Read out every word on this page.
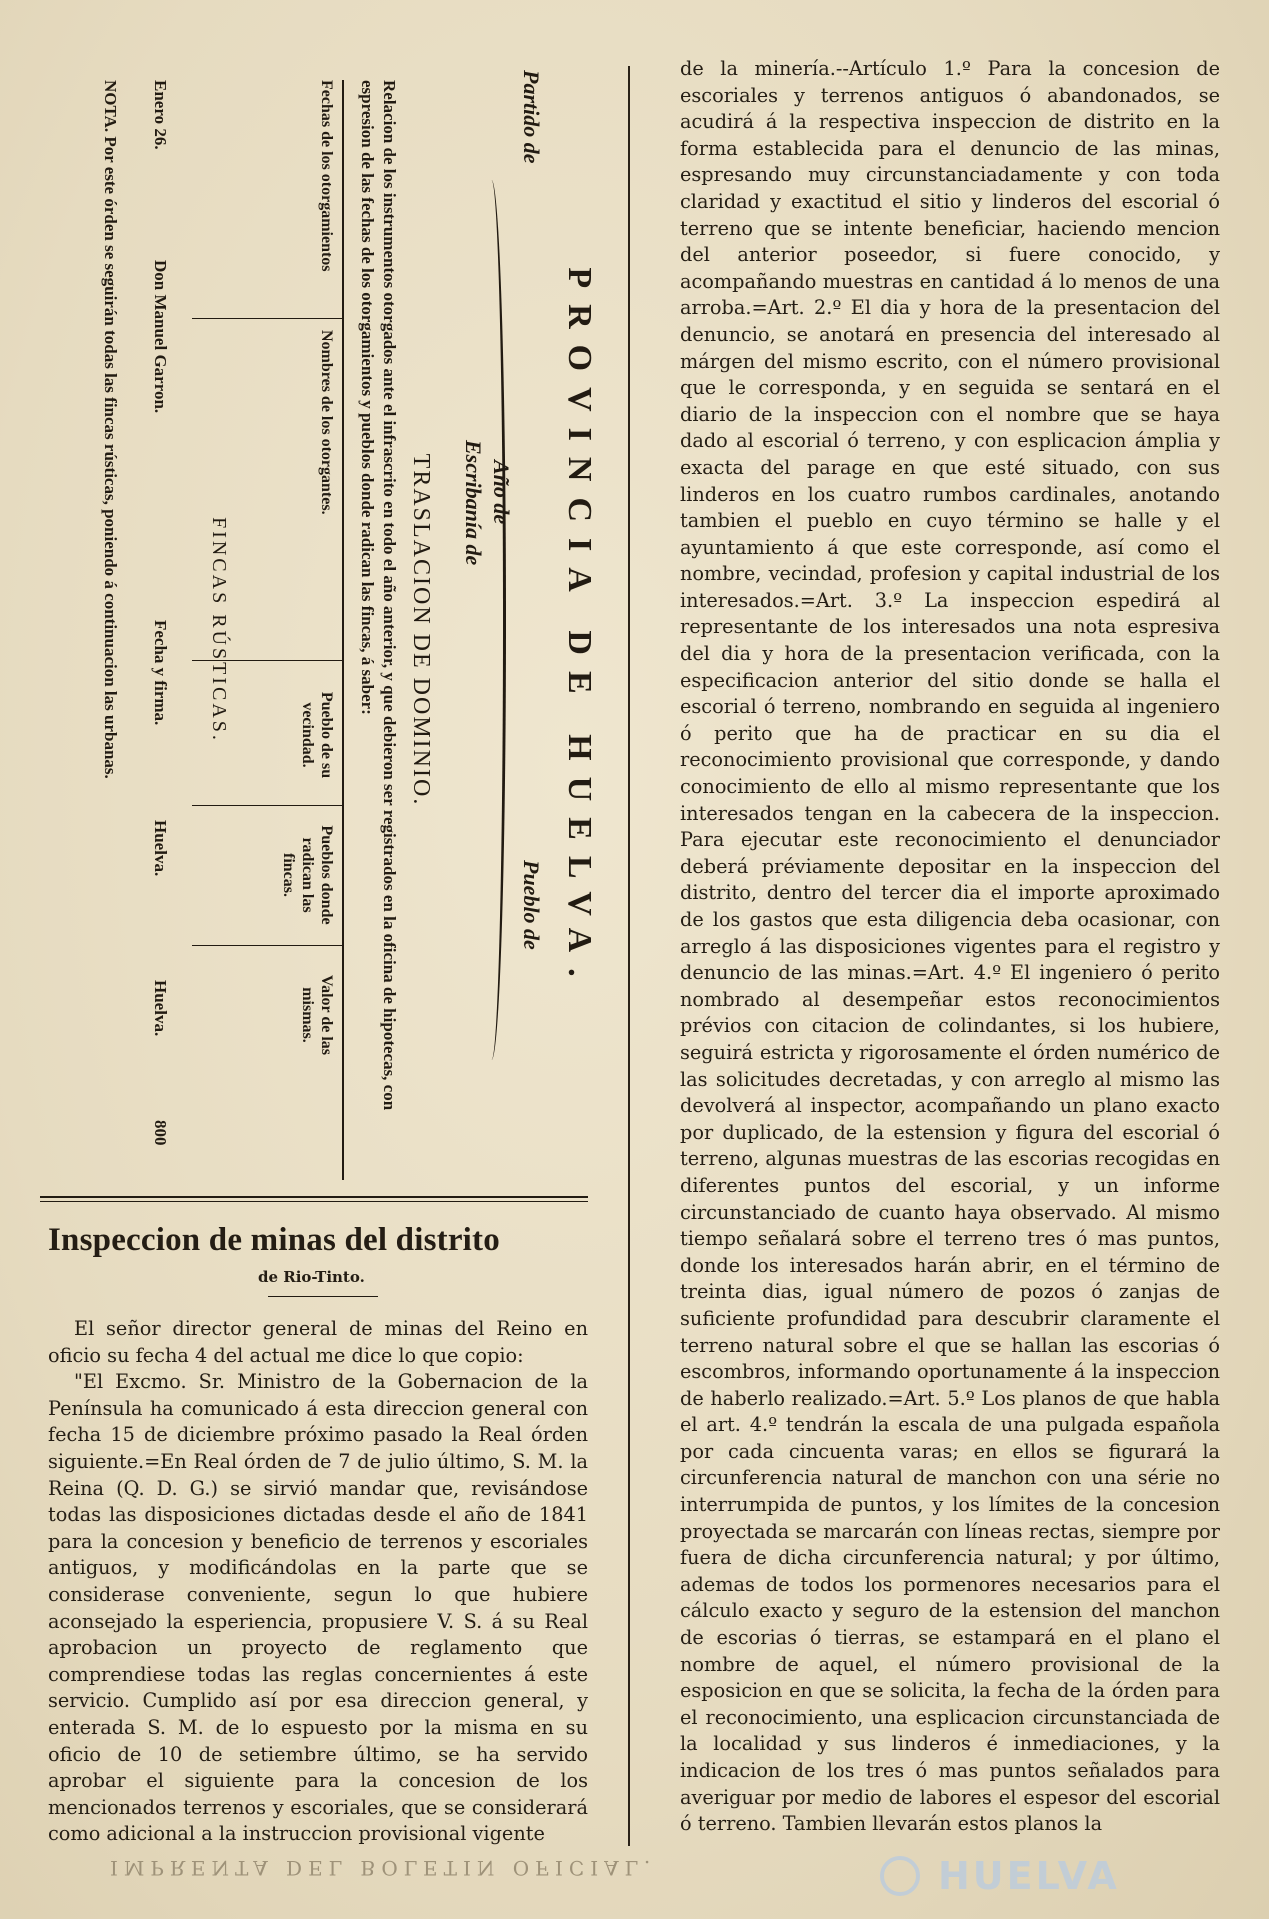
PROVINCIA DE HUELVA.
Partido de
Pueblo de
Año de
Escribanía de
TRASLACION DE DOMINIO.
Relacion de los instrumentos otorgados ante el infrascrito en todo el año anterior, y que debieron ser registrados en la oficina de hipotecas, con espresion de las fechas de los otorgamientos y pueblos donde radican las fincas, á saber:
Fechas de los otorgamientos
Nombres de los otorgantes.
Pueblo de su vecindad.
Pueblos donde radican las fincas.
Valor de las mismas.
FINCAS RÚSTICAS.
Enero 26.
Don Manuel Garron.
Fecha y firma.
Huelva.
Huelva.
800
NOTA. Por este órden se seguirán todas las fincas rústicas, poniendo á continuacion las urbanas.
Inspeccion de minas del distrito
de Rio-Tinto.

El señor director general de minas del Reino en oficio su fecha 4 del actual me dice lo que copio:

"El Excmo. Sr. Ministro de la Gobernacion de la Península ha comunicado á esta direccion general con fecha 15 de diciembre próximo pasado la Real órden siguiente.=En Real órden de 7 de julio último, S. M. la Reina (Q. D. G.) se sirvió mandar que, revisándose todas las disposiciones dictadas desde el año de 1841 para la concesion y beneficio de terrenos y escoriales antiguos, y modificándolas en la parte que se considerase conveniente, segun lo que hubiere aconsejado la esperiencia, propusiere V. S. á su Real aprobacion un proyecto de reglamento que comprendiese todas las reglas concernientes á este servicio. Cumplido así por esa direccion general, y enterada S. M. de lo espuesto por la misma en su oficio de 10 de setiembre último, se ha servido aprobar el siguiente para la concesion de los mencionados terrenos y escoriales, que se considerará como adicional a la instruccion provisional vigente

de la minería.--Artículo 1.º Para la concesion de escoriales y terrenos antiguos ó abandonados, se acudirá á la respectiva inspeccion de distrito en la forma establecida para el denuncio de las minas, espresando muy circunstanciadamente y con toda claridad y exactitud el sitio y linderos del escorial ó terreno que se intente beneficiar, haciendo mencion del anterior poseedor, si fuere conocido, y acompañando muestras en cantidad á lo menos de una arroba.=Art. 2.º El dia y hora de la presentacion del denuncio, se anotará en presencia del interesado al márgen del mismo escrito, con el número provisional que le corresponda, y en seguida se sentará en el diario de la inspeccion con el nombre que se haya dado al escorial ó terreno, y con esplicacion ámplia y exacta del parage en que esté situado, con sus linderos en los cuatro rumbos cardinales, anotando tambien el pueblo en cuyo término se halle y el ayuntamiento á que este corresponde, así como el nombre, vecindad, profesion y capital industrial de los interesados.=Art. 3.º La inspeccion espedirá al representante de los interesados una nota espresiva del dia y hora de la presentacion verificada, con la especificacion anterior del sitio donde se halla el escorial ó terreno, nombrando en seguida al ingeniero ó perito que ha de practicar en su dia el reconocimiento provisional que corresponde, y dando conocimiento de ello al mismo representante que los interesados tengan en la cabecera de la inspeccion. Para ejecutar este reconocimiento el denunciador deberá préviamente depositar en la inspeccion del distrito, dentro del tercer dia el importe aproximado de los gastos que esta diligencia deba ocasionar, con arreglo á las disposiciones vigentes para el registro y denuncio de las minas.=Art. 4.º El ingeniero ó perito nombrado al desempeñar estos reconocimientos prévios con citacion de colindantes, si los hubiere, seguirá estricta y rigorosamente el órden numérico de las solicitudes decretadas, y con arreglo al mismo las devolverá al inspector, acompañando un plano exacto por duplicado, de la estension y figura del escorial ó terreno, algunas muestras de las escorias recogidas en diferentes puntos del escorial, y un informe circunstanciado de cuanto haya observado. Al mismo tiempo señalará sobre el terreno tres ó mas puntos, donde los interesados harán abrir, en el término de treinta dias, igual número de pozos ó zanjas de suficiente profundidad para descubrir claramente el terreno natural sobre el que se hallan las escorias ó escombros, informando oportunamente á la inspeccion de haberlo realizado.=Art. 5.º Los planos de que habla el art. 4.º tendrán la escala de una pulgada española por cada cincuenta varas; en ellos se figurará la circunferencia natural de manchon con una série no interrumpida de puntos, y los límites de la concesion proyectada se marcarán con líneas rectas, siempre por fuera de dicha circunferencia natural; y por último, ademas de todos los pormenores necesarios para el cálculo exacto y seguro de la estension del manchon de escorias ó tierras, se estampará en el plano el nombre de aquel, el número provisional de la esposicion en que se solicita, la fecha de la órden para el reconocimiento, una esplicacion circunstanciada de la localidad y sus linderos é inmediaciones, y la indicacion de los tres ó mas puntos señalados para averiguar por medio de labores el espesor del escorial ó terreno. Tambien llevarán estos planos la

IMPRENTA DEL BOLETIN OFICIAL.	HUELVA
